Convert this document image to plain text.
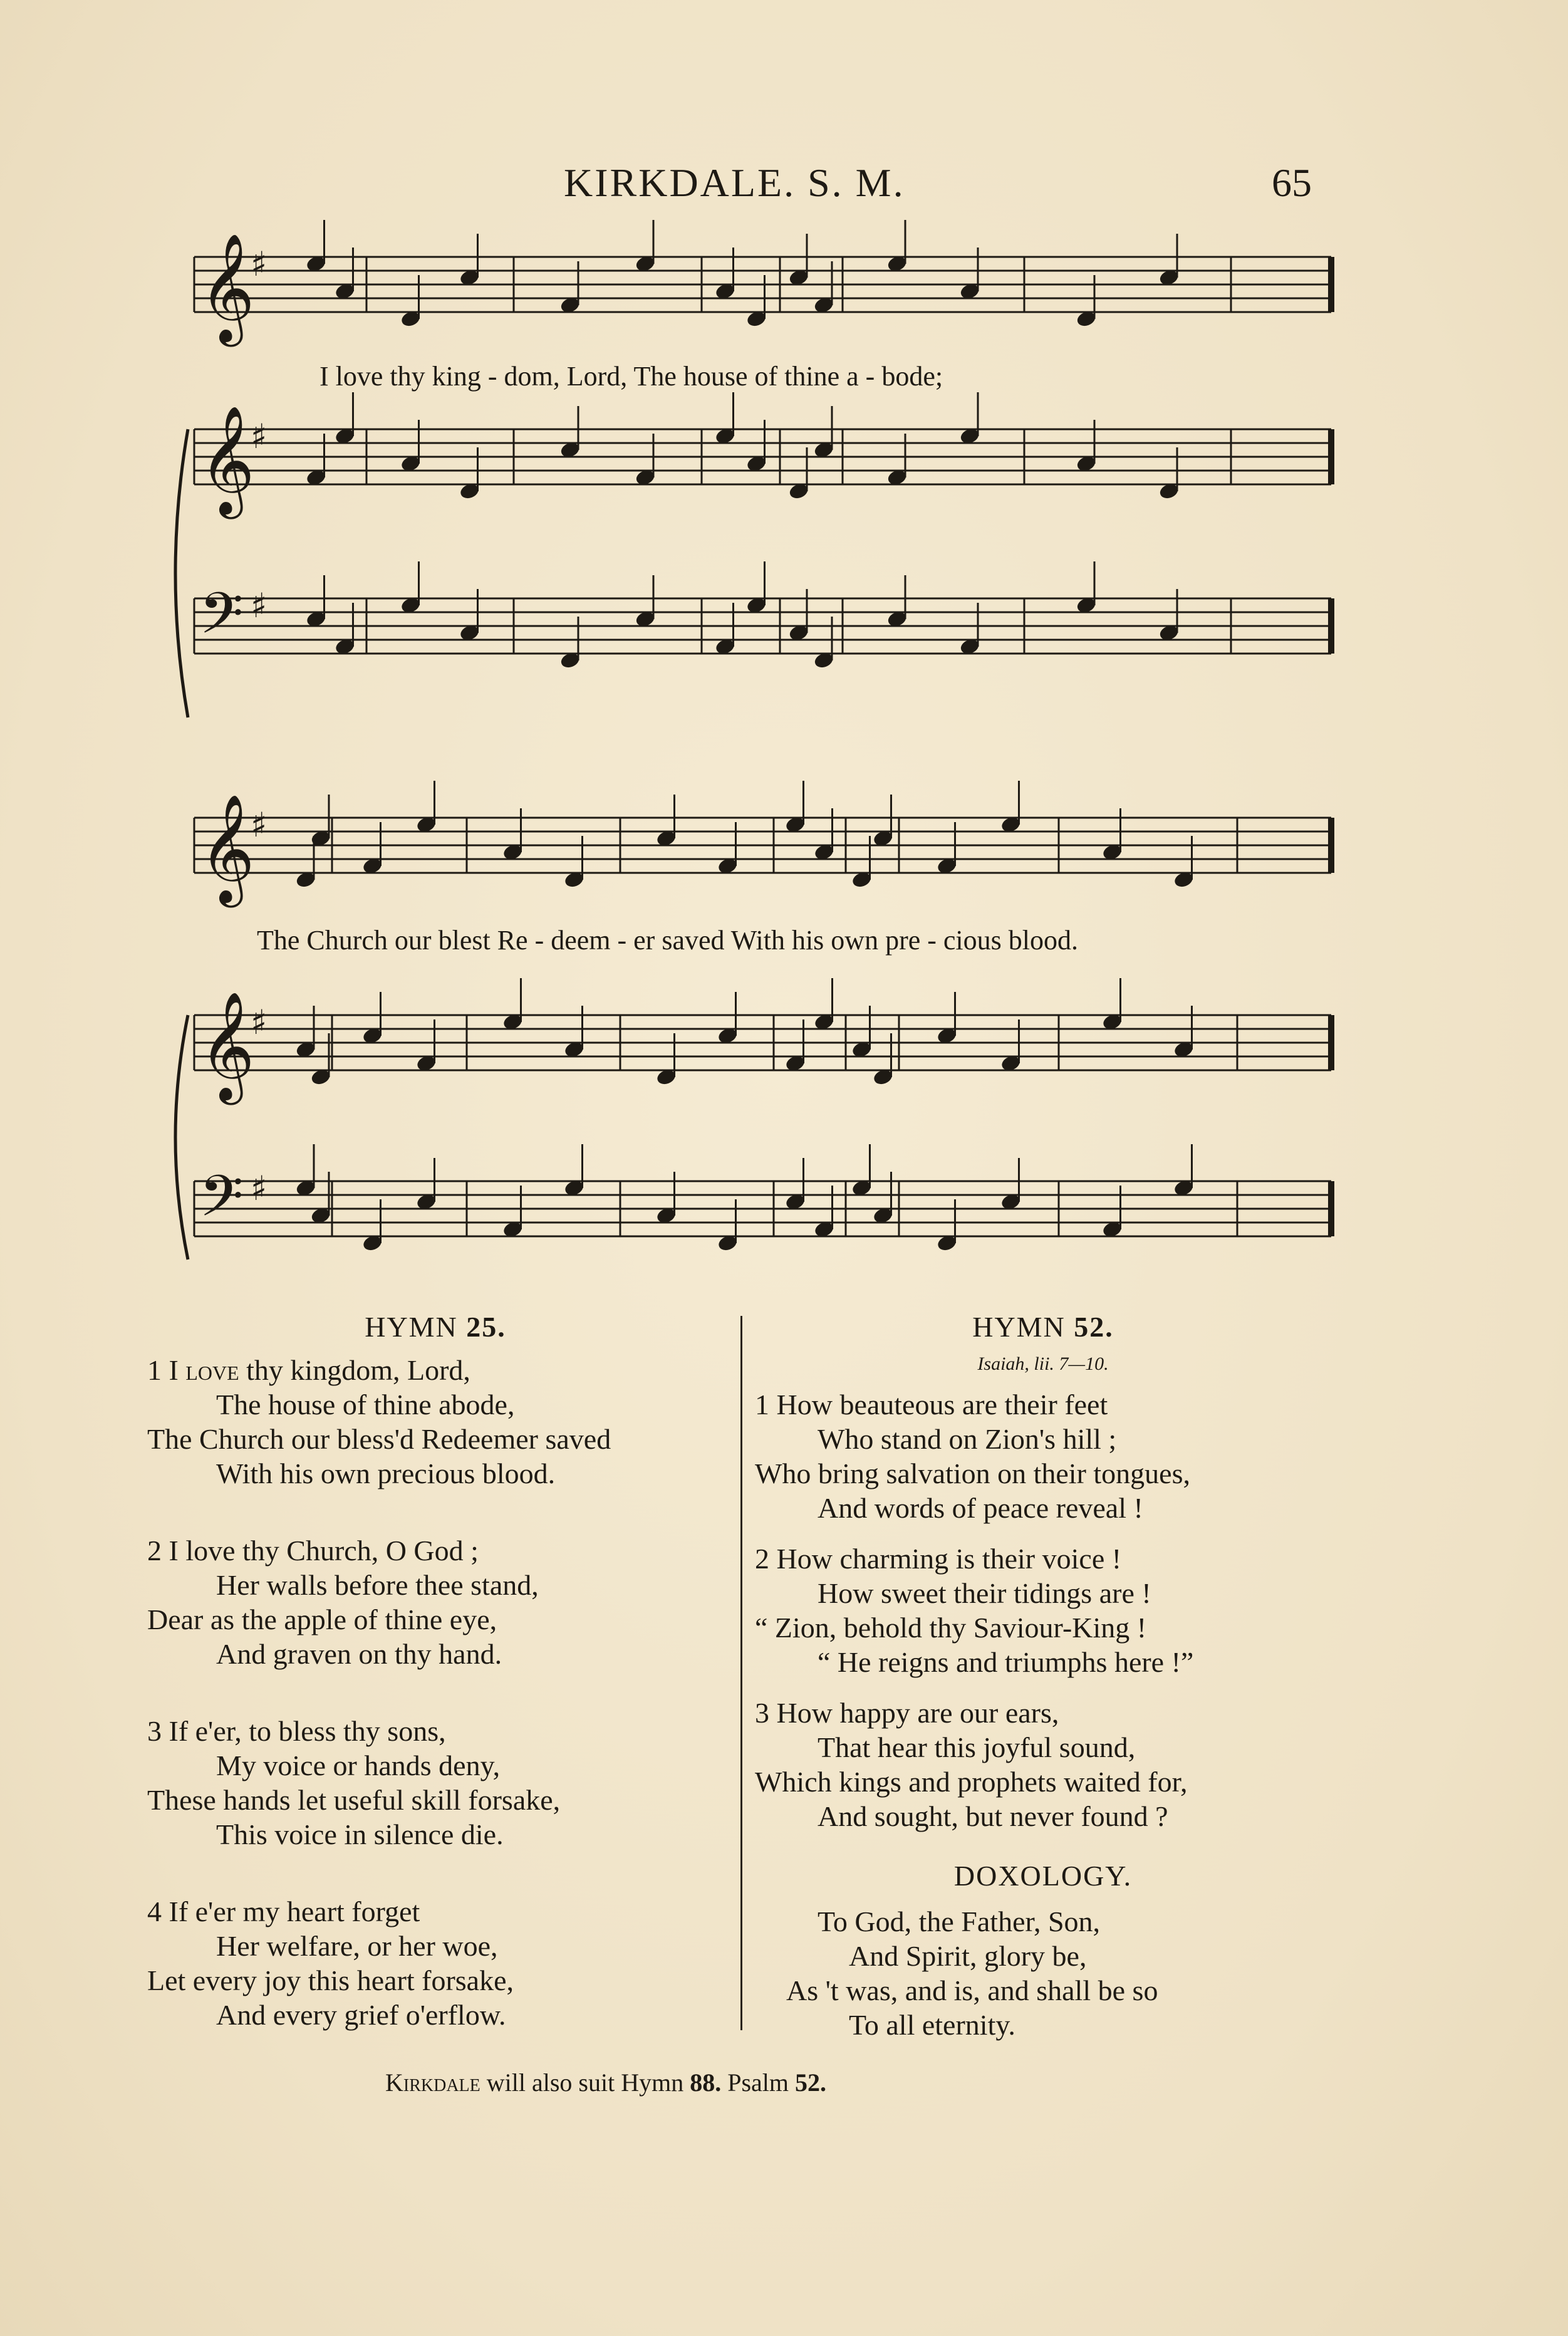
KIRKDALE. S. M.	65
𝄞
♯
𝄞
♯
𝄢 ♯
𝄞
♯
𝄞
♯
𝄢 ♯
I love thy king - dom, Lord, The house of thine a - bode;
The Church our blest Re - deem - er saved With his own pre - cious blood.
HYMN 25.
1 I love thy kingdom, Lord,
The house of thine abode,
The Church our bless'd Redeemer saved
With his own precious blood.
2 I love thy Church, O God ;
Her walls before thee stand,
Dear as the apple of thine eye,
And graven on thy hand.
3 If e'er, to bless thy sons,
My voice or hands deny,
These hands let useful skill forsake,
This voice in silence die.
4 If e'er my heart forget
Her welfare, or her woe,
Let every joy this heart forsake,
And every grief o'erflow.
HYMN 52.
Isaiah, lii. 7—10.
1 How beauteous are their feet
Who stand on Zion's hill ;
Who bring salvation on their tongues,
And words of peace reveal !
2 How charming is their voice !
How sweet their tidings are !
“ Zion, behold thy Saviour-King !
“ He reigns and triumphs here !”
3 How happy are our ears,
That hear this joyful sound,
Which kings and prophets waited for,
And sought, but never found ?
DOXOLOGY.
To God, the Father, Son,
And Spirit, glory be,
As 't was, and is, and shall be so
To all eternity.
Kirkdale will also suit Hymn 88. Psalm 52.
